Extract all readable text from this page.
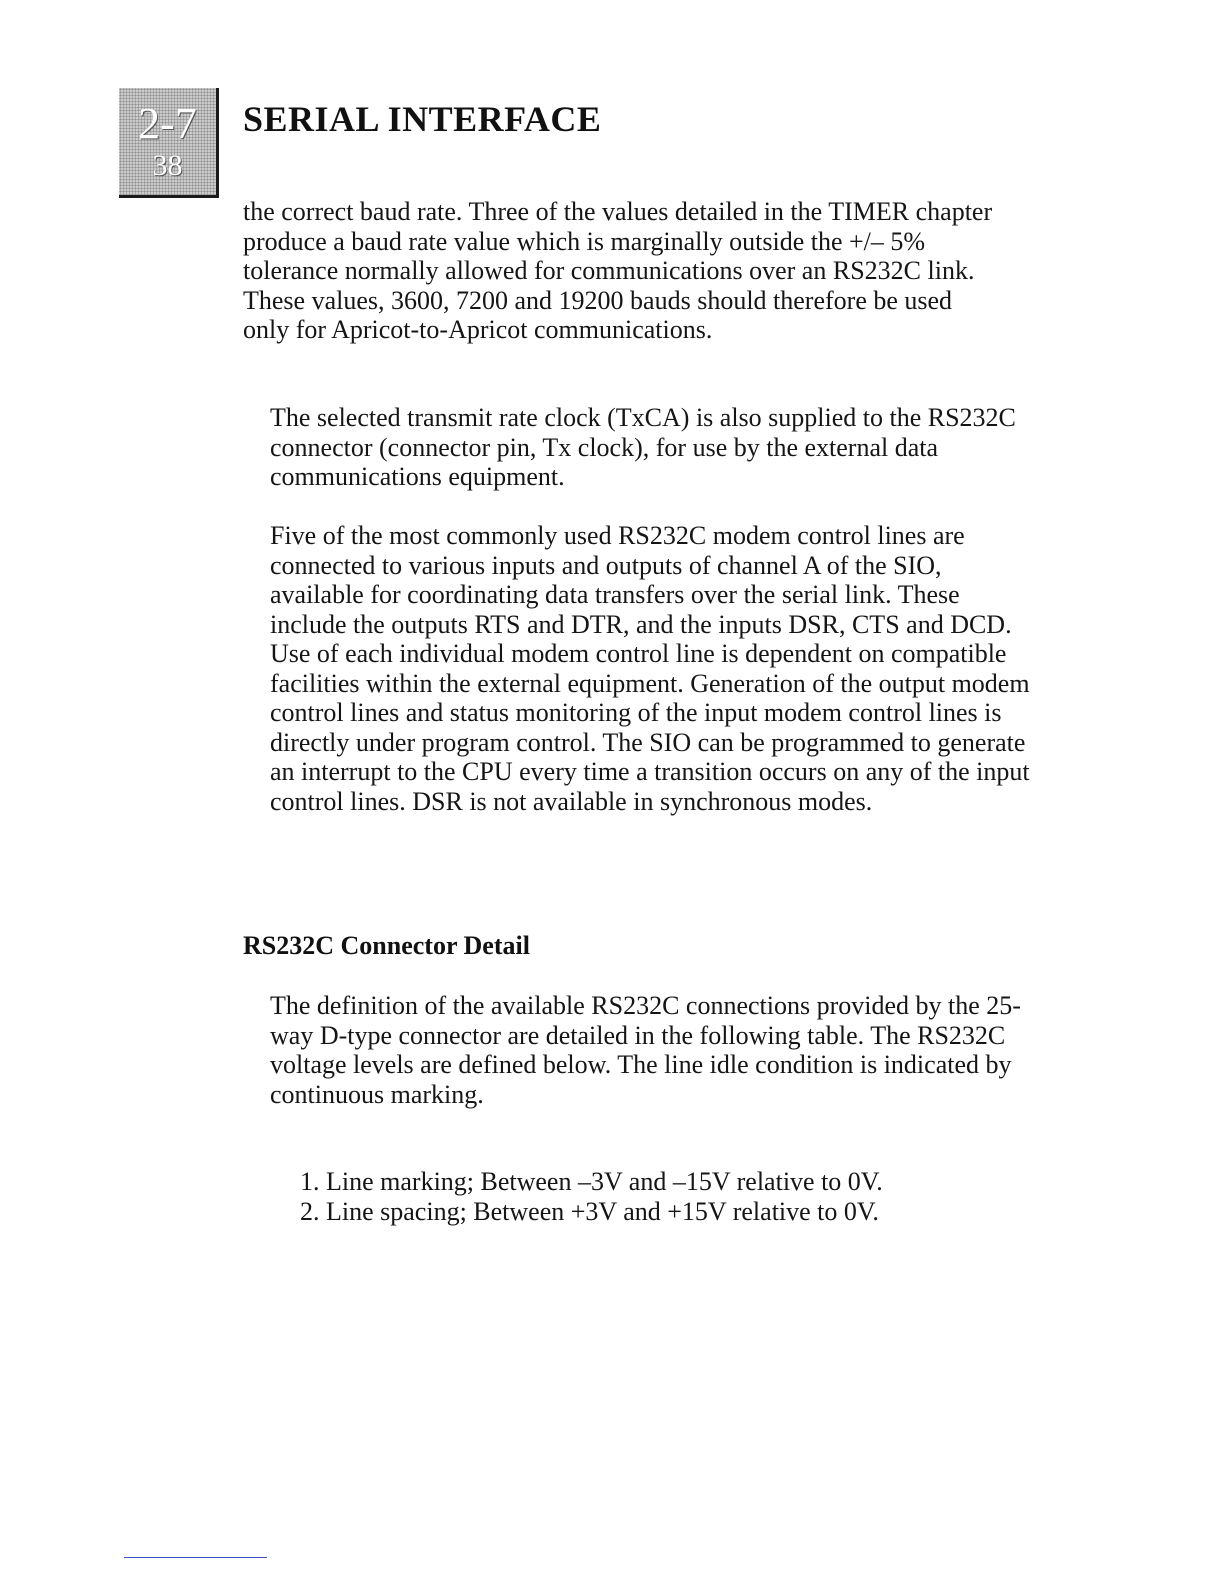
2-7
38
SERIAL INTERFACE

the correct baud rate. Three of the values detailed in the TIMER chapter produce a baud rate value which is marginally outside the +/– 5% tolerance normally allowed for communications over an RS232C link. These values, 3600, 7200 and 19200 bauds should therefore be used only for Apricot-to-Apricot communications.

The selected transmit rate clock (TxCA) is also supplied to the RS232C connector (connector pin, Tx clock), for use by the external data communications equipment.

Five of the most commonly used RS232C modem control lines are connected to various inputs and outputs of channel A of the SIO, available for coordinating data transfers over the serial link. These include the outputs RTS and DTR, and the inputs DSR, CTS and DCD. Use of each individual modem control line is dependent on compatible facilities within the external equipment. Generation of the output modem control lines and status monitoring of the input modem control lines is directly under program control. The SIO can be programmed to generate an interrupt to the CPU every time a transition occurs on any of the input control lines. DSR is not available in synchronous modes.

RS232C Connector Detail

The definition of the available RS232C connections provided by the 25-way D-type connector are detailed in the following table. The RS232C voltage levels are defined below. The line idle condition is indicated by continuous marking.

1. Line marking; Between –3V and –15V relative to 0V.
2. Line spacing; Between +3V and +15V relative to 0V.
